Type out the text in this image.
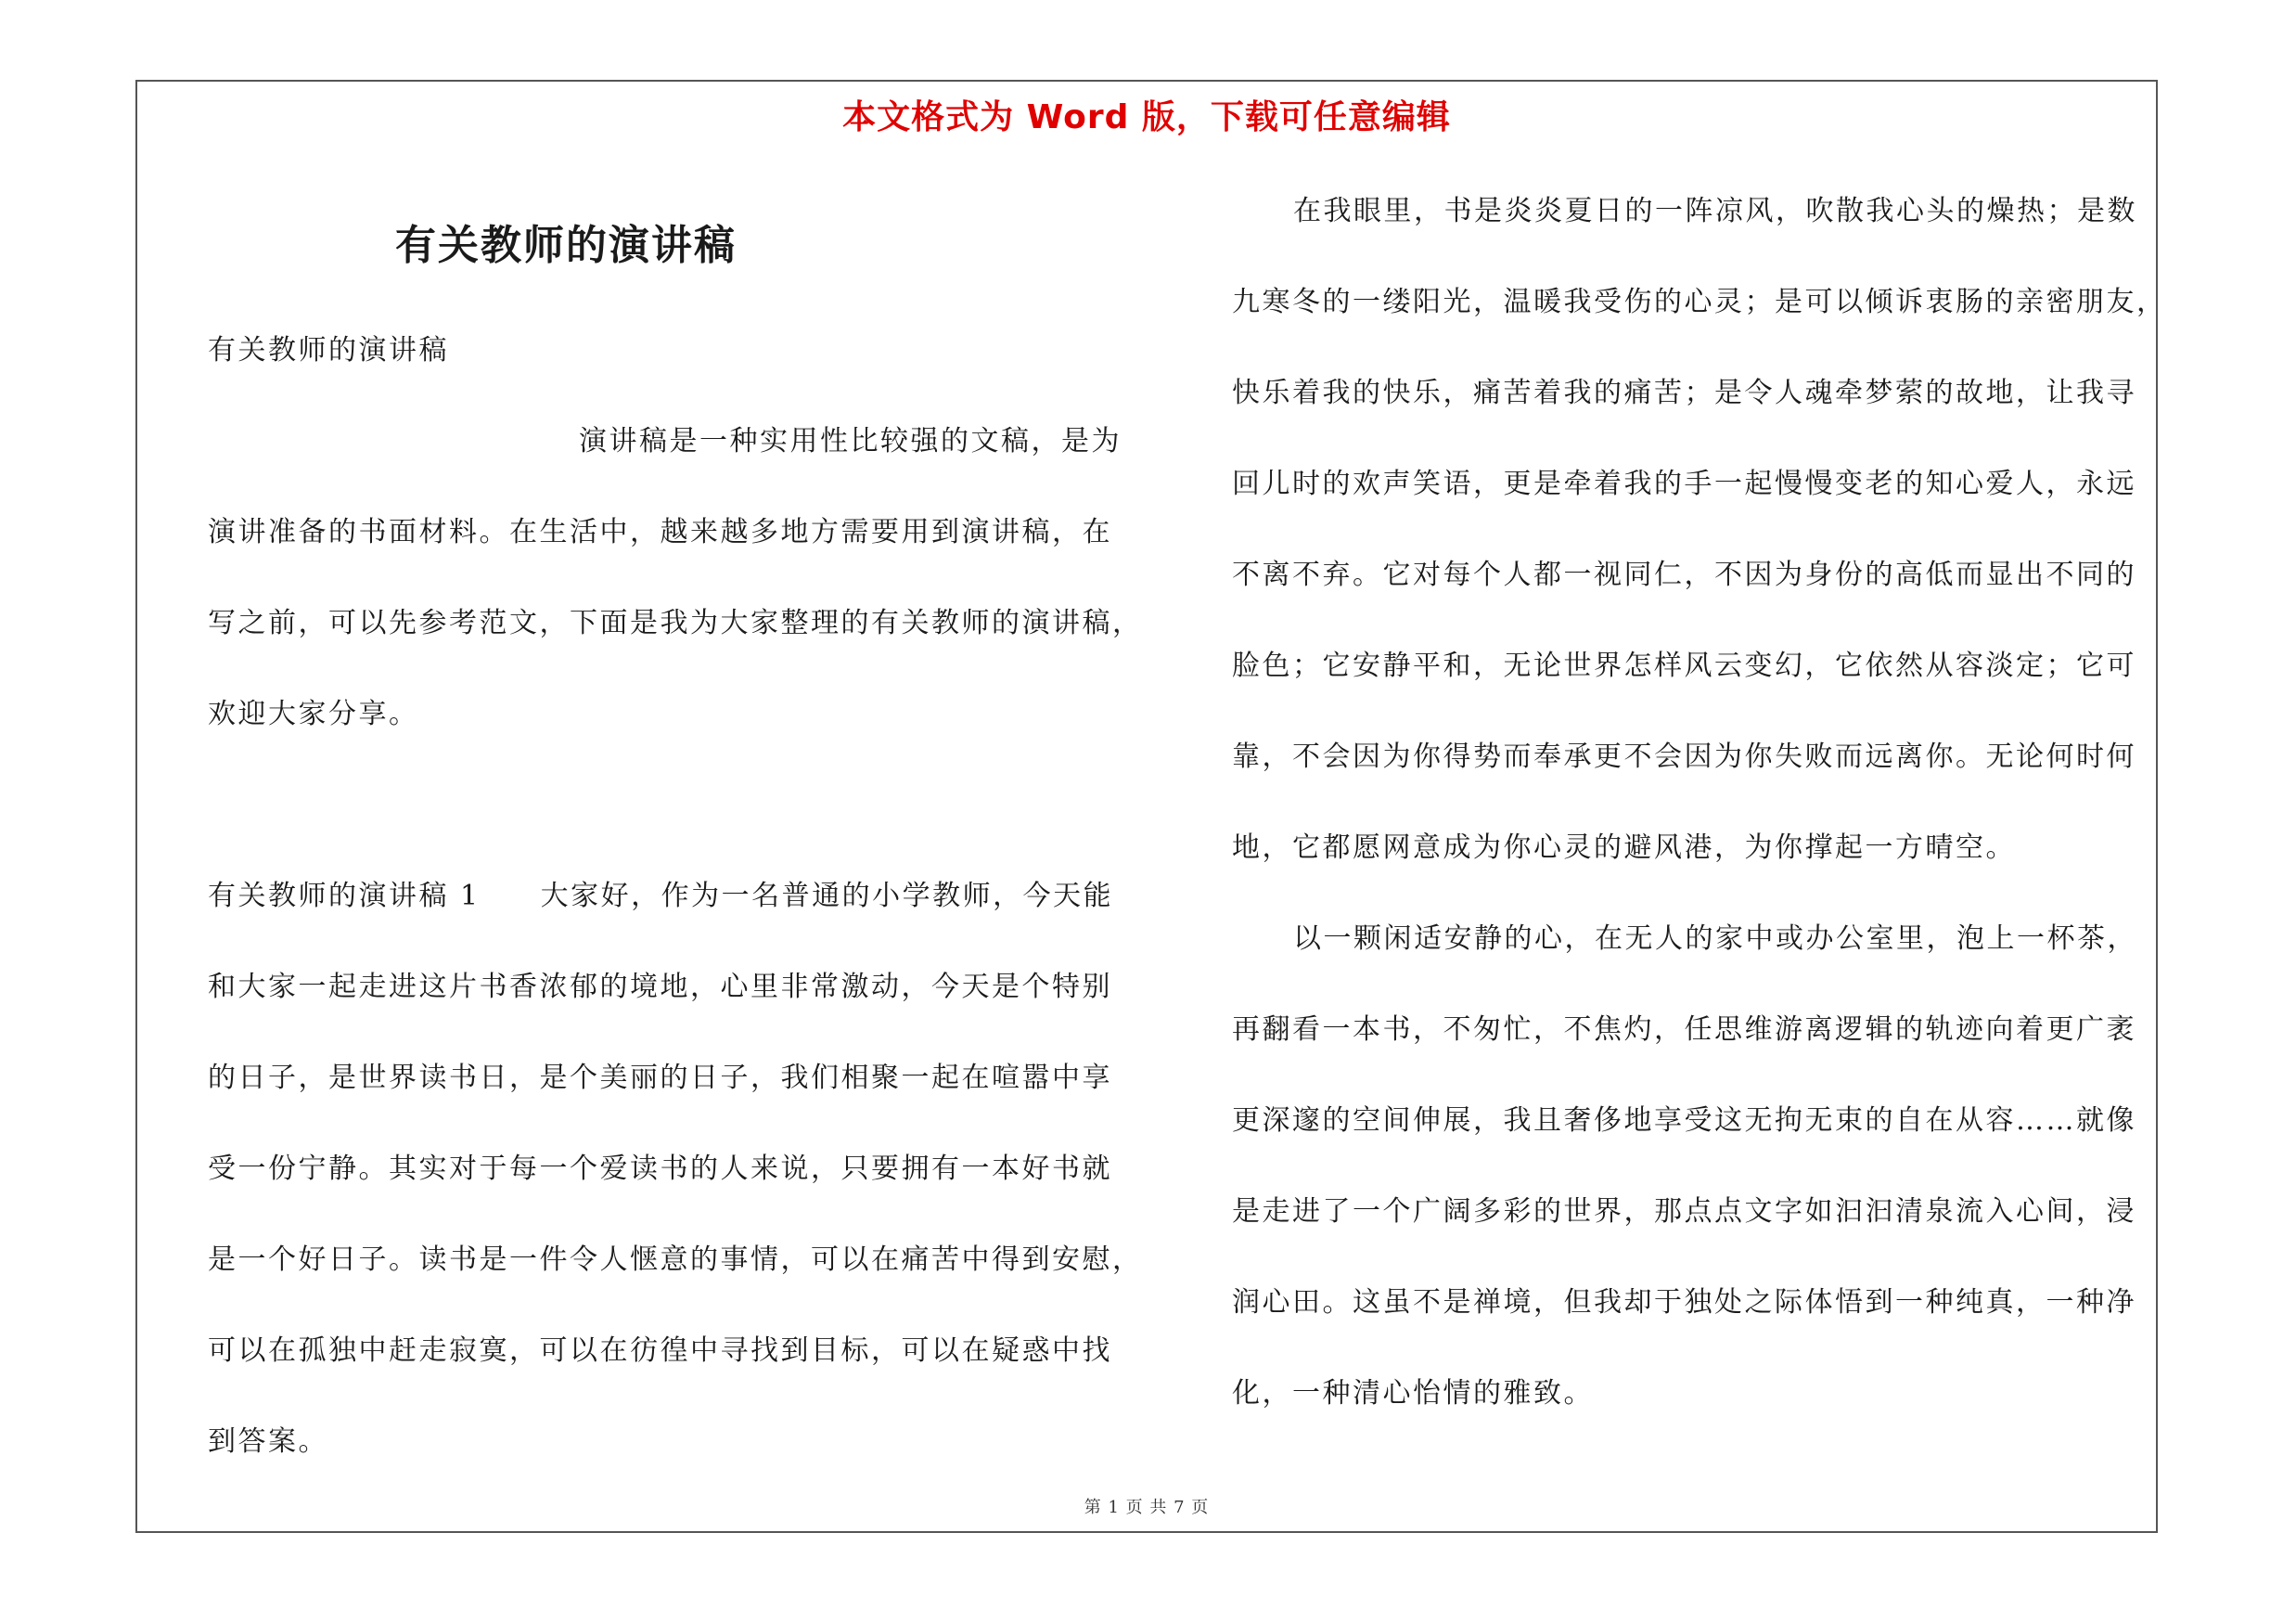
本文格式为 Word 版，下载可任意编辑
有关教师的演讲稿
有关教师的演讲稿
演讲稿是一种实用性比较强的文稿，是为
演讲准备的书面材料。在生活中，越来越多地方需要用到演讲稿，在
写之前，可以先参考范文，下面是我为大家整理的有关教师的演讲稿，
欢迎大家分享。
有关教师的演讲稿 1　　大家好，作为一名普通的小学教师，今天能
和大家一起走进这片书香浓郁的境地，心里非常激动，今天是个特别
的日子，是世界读书日，是个美丽的日子，我们相聚一起在喧嚣中享
受一份宁静。其实对于每一个爱读书的人来说，只要拥有一本好书就
是一个好日子。读书是一件令人惬意的事情，可以在痛苦中得到安慰，
可以在孤独中赶走寂寞，可以在彷徨中寻找到目标，可以在疑惑中找
到答案。
在我眼里，书是炎炎夏日的一阵凉风，吹散我心头的燥热；是数
九寒冬的一缕阳光，温暖我受伤的心灵；是可以倾诉衷肠的亲密朋友，
快乐着我的快乐，痛苦着我的痛苦；是令人魂牵梦萦的故地，让我寻
回儿时的欢声笑语，更是牵着我的手一起慢慢变老的知心爱人，永远
不离不弃。它对每个人都一视同仁，不因为身份的高低而显出不同的
脸色；它安静平和，无论世界怎样风云变幻，它依然从容淡定；它可
靠，不会因为你得势而奉承更不会因为你失败而远离你。无论何时何
地，它都愿网意成为你心灵的避风港，为你撑起一方晴空。
以一颗闲适安静的心，在无人的家中或办公室里，泡上一杯茶，
再翻看一本书，不匆忙，不焦灼，任思维游离逻辑的轨迹向着更广袤
更深邃的空间伸展，我且奢侈地享受这无拘无束的自在从容……就像
是走进了一个广阔多彩的世界，那点点文字如汩汩清泉流入心间，浸
润心田。这虽不是禅境，但我却于独处之际体悟到一种纯真，一种净
化，一种清心怡情的雅致。
第 1 页 共 7 页
